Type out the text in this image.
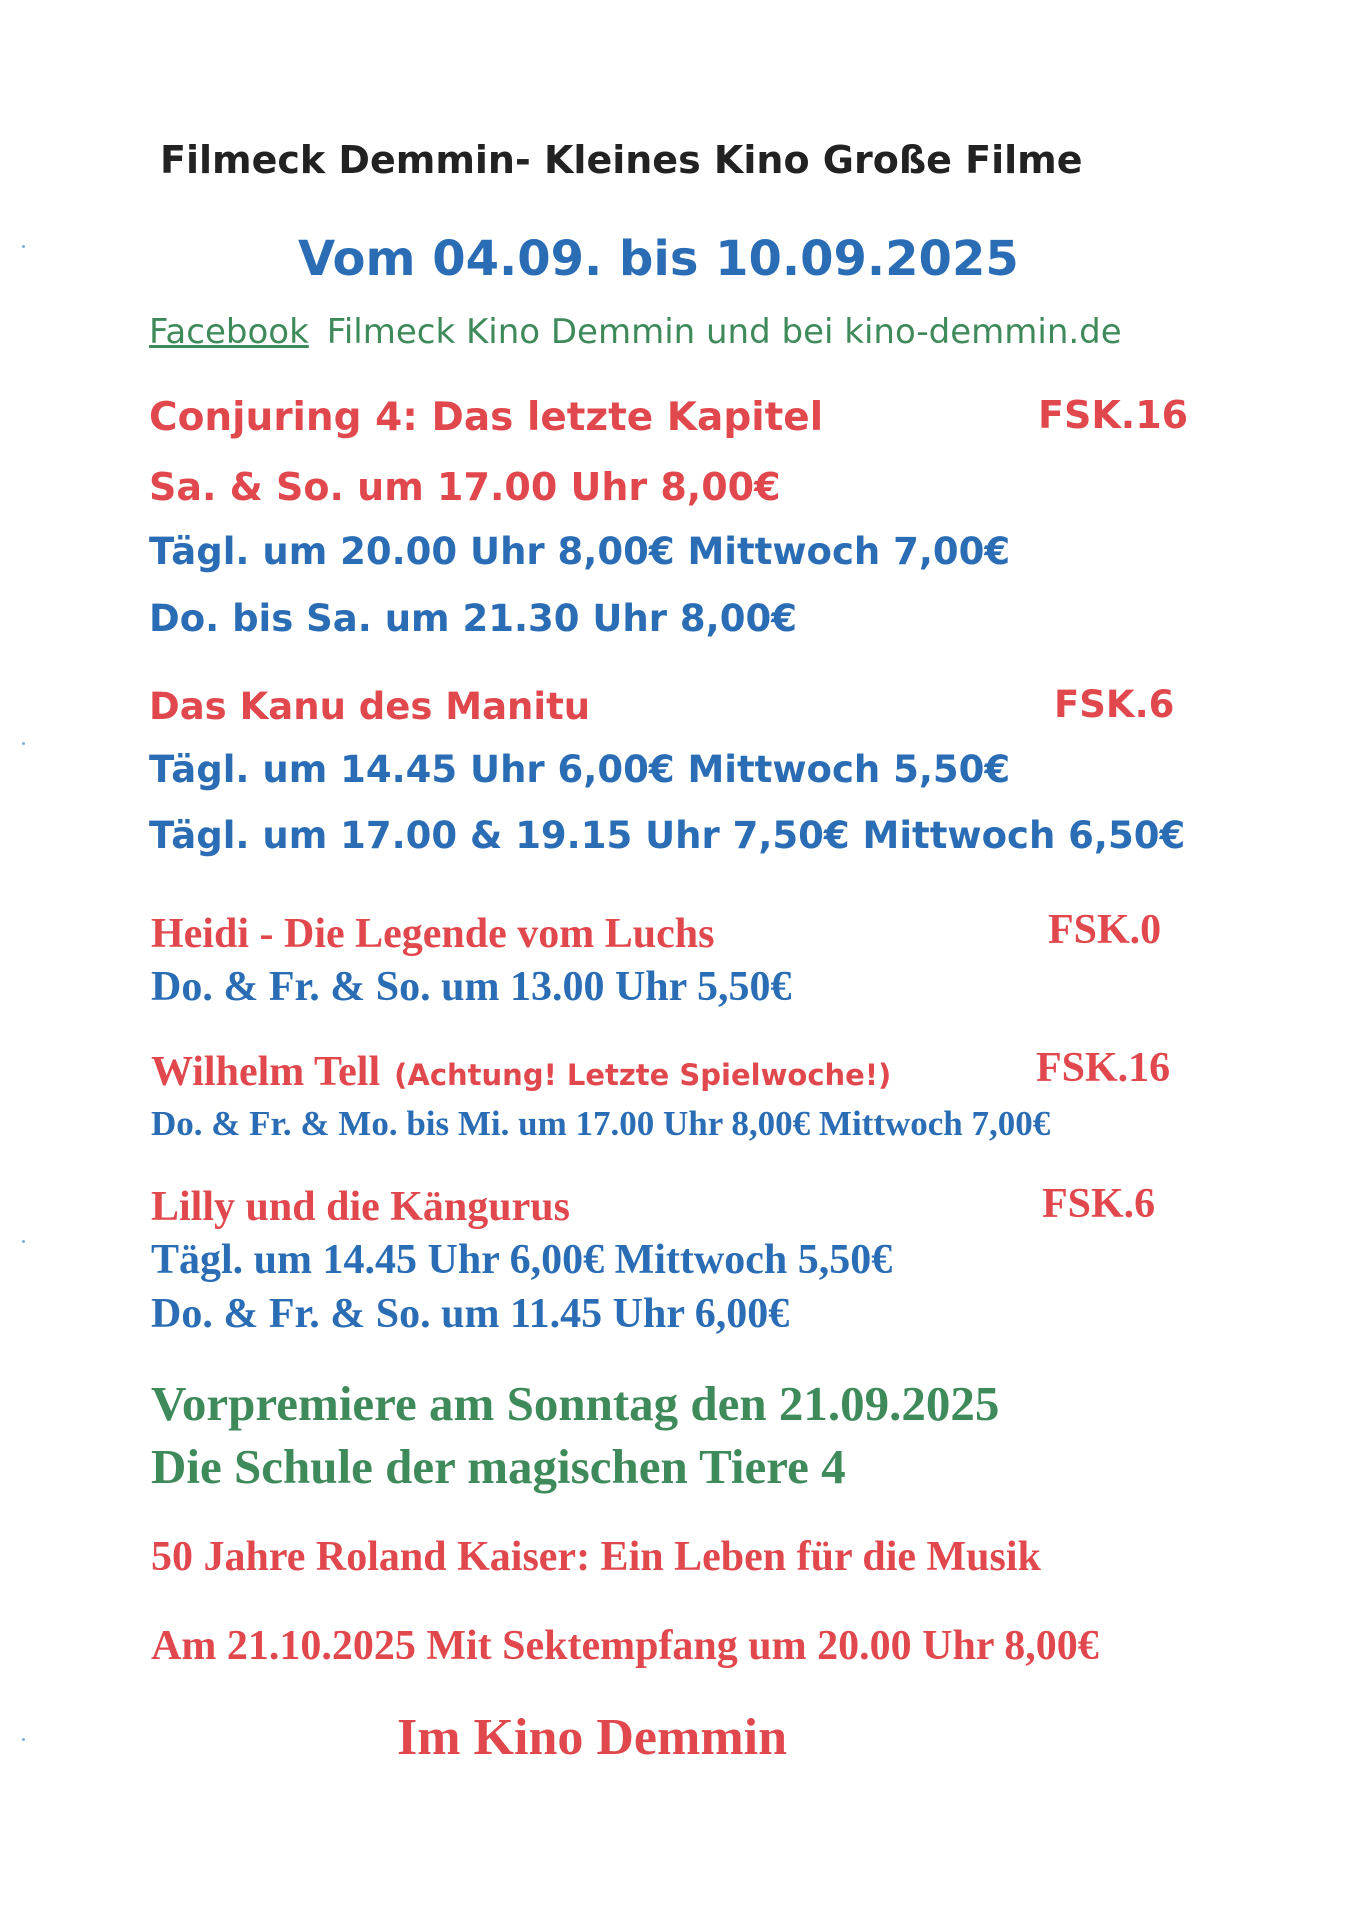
Filmeck Demmin- Kleines Kino Große Filme
Vom 04.09. bis 10.09.2025
Facebook Filmeck Kino Demmin und bei kino-demmin.de
Conjuring 4: Das letzte Kapitel	FSK.16
Sa. & So. um 17.00 Uhr 8,00€
Tägl. um 20.00 Uhr 8,00€ Mittwoch 7,00€
Do. bis Sa. um 21.30 Uhr 8,00€
Das Kanu des Manitu	FSK.6
Tägl. um 14.45 Uhr 6,00€ Mittwoch 5,50€
Tägl. um 17.00 & 19.15 Uhr 7,50€ Mittwoch 6,50€
Heidi - Die Legende vom Luchs	FSK.0
Do. & Fr. & So. um 13.00 Uhr 5,50€
Wilhelm Tell (Achtung! Letzte Spielwoche!)	FSK.16
Do. & Fr. & Mo. bis Mi. um 17.00 Uhr 8,00€ Mittwoch 7,00€
Lilly und die Kängurus	FSK.6
Tägl. um 14.45 Uhr 6,00€ Mittwoch 5,50€
Do. & Fr. & So. um 11.45 Uhr 6,00€
Vorpremiere am Sonntag den 21.09.2025
Die Schule der magischen Tiere 4
50 Jahre Roland Kaiser: Ein Leben für die Musik
Am 21.10.2025 Mit Sektempfang um 20.00 Uhr 8,00€
Im Kino Demmin
